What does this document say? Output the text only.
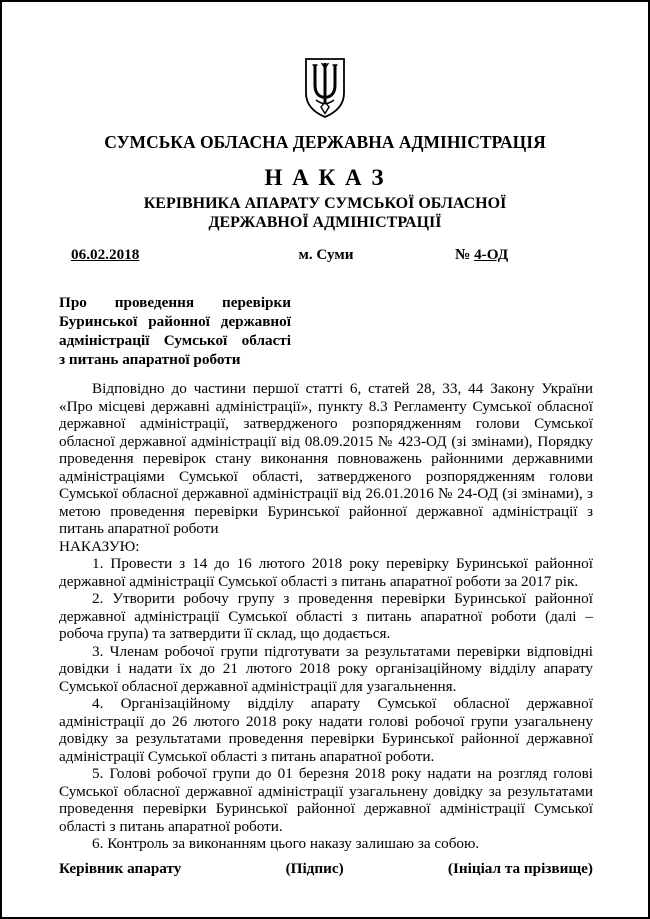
СУМСЬКА ОБЛАСНА ДЕРЖАВНА АДМІНІСТРАЦІЯ
Н А К А З
КЕРІВНИКА АПАРАТУ СУМСЬКОЇ ОБЛАСНОЇ
ДЕРЖАВНОЇ АДМІНІСТРАЦІЇ
06.02.2018	м. Суми	№ 4-ОД
Про проведення перевірки
Буринської районної державної
адміністрації Сумської області
з питань апаратної роботи

Відповідно до частини першої статті 6, статей 28, 33, 44 Закону України «Про місцеві державні адміністрації», пункту 8.3 Регламенту Сумської обласної державної адміністрації, затвердженого розпорядженням голови Сумської обласної державної адміністрації від 08.09.2015 № 423-ОД (зі змінами), Порядку проведення перевірок стану виконання повноважень районними державними адміністраціями Сумської області, затвердженого розпорядженням голови Сумської обласної державної адміністрації від 26.01.2016 № 24-ОД (зі змінами), з метою проведення перевірки Буринської районної державної адміністрації з питань апаратної роботи

НАКАЗУЮ:

1. Провести з 14 до 16 лютого 2018 року перевірку Буринської районної державної адміністрації Сумської області з питань апаратної роботи за 2017 рік.

2. Утворити робочу групу з проведення перевірки Буринської районної державної адміністрації Сумської області з питань апаратної роботи (далі – робоча група) та затвердити її склад, що додається.

3. Членам робочої групи підготувати за результатами перевірки відповідні довідки і надати їх до 21 лютого 2018 року організаційному відділу апарату Сумської обласної державної адміністрації для узагальнення.

4. Організаційному відділу апарату Сумської обласної державної адміністрації до 26 лютого 2018 року надати голові робочої групи узагальнену довідку за результатами проведення перевірки Буринської районної державної адміністрації Сумської області з питань апаратної роботи.

5. Голові робочої групи до 01 березня 2018 року надати на розгляд голові Сумської обласної державної адміністрації узагальнену довідку за результатами проведення перевірки Буринської районної державної адміністрації Сумської області з питань апаратної роботи.

6. Контроль за виконанням цього наказу залишаю за собою.

Керівник апарату	(Підпис)	(Ініціал та прізвище)
